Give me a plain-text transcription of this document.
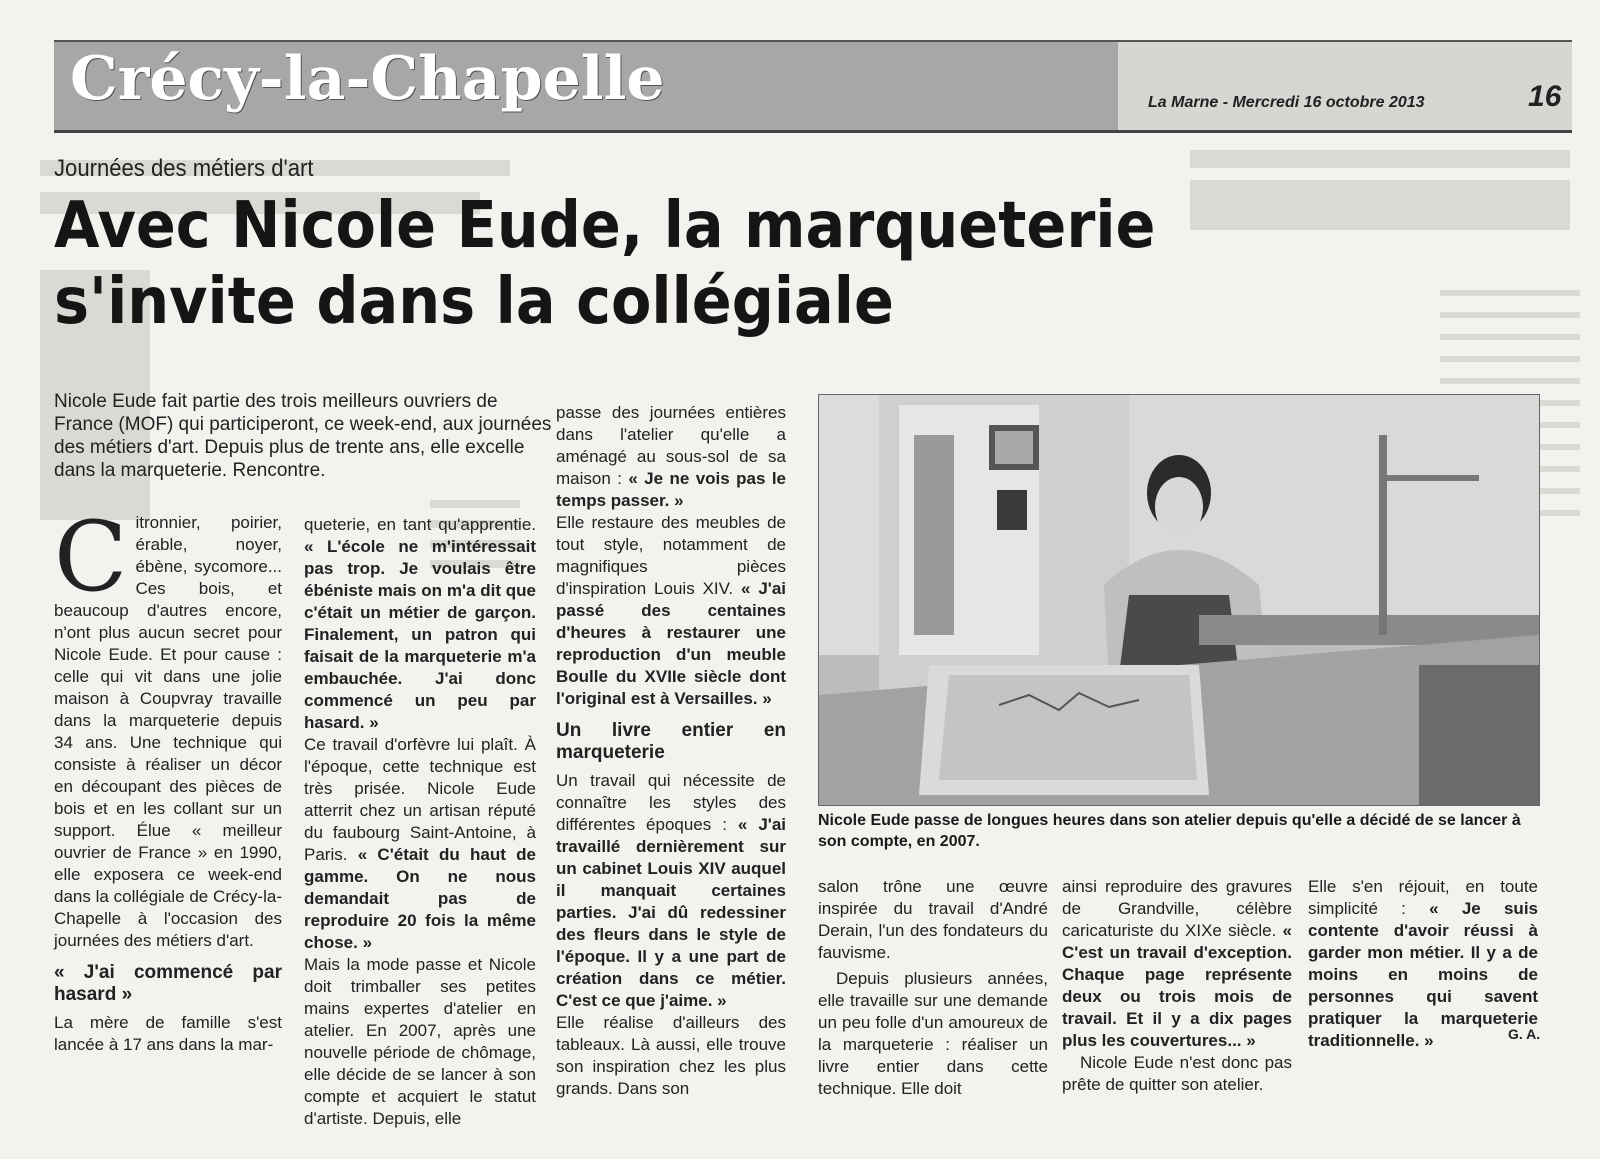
Crécy-la-Chapelle	La Marne - Mercredi 16 octobre 2013	16
Journées des métiers d'art
Avec Nicole Eude, la marqueterie
s'invite dans la collégiale
Nicole Eude fait partie des trois meilleurs ouvriers de France (MOF) qui participeront, ce week-end, aux journées des métiers d'art. Depuis plus de trente ans, elle excelle dans la marqueterie. Rencontre.

Citronnier, poirier, érable, noyer, ébène, sycomore... Ces bois, et beaucoup d'autres encore, n'ont plus aucun secret pour Nicole Eude. Et pour cause : celle qui vit dans une jolie maison à Coupvray travaille dans la marqueterie depuis 34 ans. Une technique qui consiste à réaliser un décor en découpant des pièces de bois et en les collant sur un support. Élue « meilleur ouvrier de France » en 1990, elle exposera ce week-end dans la collégiale de Crécy-la-Chapelle à l'occasion des journées des métiers d'art.

« J'ai commencé par hasard »

La mère de famille s'est lancée à 17 ans dans la mar-

queterie, en tant qu'apprentie. « L'école ne m'intéressait pas trop. Je voulais être ébéniste mais on m'a dit que c'était un métier de garçon. Finalement, un patron qui faisait de la marqueterie m'a embauchée. J'ai donc commencé un peu par hasard. »

Ce travail d'orfèvre lui plaît. À l'époque, cette technique est très prisée. Nicole Eude atterrit chez un artisan réputé du faubourg Saint-Antoine, à Paris. « C'était du haut de gamme. On ne nous demandait pas de reproduire 20 fois la même chose. »

Mais la mode passe et Nicole doit trimballer ses petites mains expertes d'atelier en atelier. En 2007, après une nouvelle période de chômage, elle décide de se lancer à son compte et acquiert le statut d'artiste. Depuis, elle

passe des journées entières dans l'atelier qu'elle a aménagé au sous-sol de sa maison : « Je ne vois pas le temps passer. »

Elle restaure des meubles de tout style, notamment de magnifiques pièces d'inspiration Louis XIV. « J'ai passé des centaines d'heures à restaurer une reproduction d'un meuble Boulle du XVIIe siècle dont l'original est à Versailles. »

Un livre entier en marqueterie

Un travail qui nécessite de connaître les styles des différentes époques : « J'ai travaillé dernièrement sur un cabinet Louis XIV auquel il manquait certaines parties. J'ai dû redessiner des fleurs dans le style de l'époque. Il y a une part de création dans ce métier. C'est ce que j'aime. »

Elle réalise d'ailleurs des tableaux. Là aussi, elle trouve son inspiration chez les plus grands. Dans son

Nicole Eude passe de longues heures dans son atelier depuis qu'elle a décidé de se lancer à son compte, en 2007.

salon trône une œuvre inspirée du travail d'André Derain, l'un des fondateurs du fauvisme.

Depuis plusieurs années, elle travaille sur une demande un peu folle d'un amoureux de la marqueterie : réaliser un livre entier dans cette technique. Elle doit

ainsi reproduire des gravures de Grandville, célèbre caricaturiste du XIXe siècle. « C'est un travail d'exception. Chaque page représente deux ou trois mois de travail. Et il y a dix pages plus les couvertures... »

Nicole Eude n'est donc pas prête de quitter son atelier.

Elle s'en réjouit, en toute simplicité : « Je suis contente d'avoir réussi à garder mon métier. Il y a de moins en moins de personnes qui savent pratiquer la marqueterie traditionnelle. »	G. A.
